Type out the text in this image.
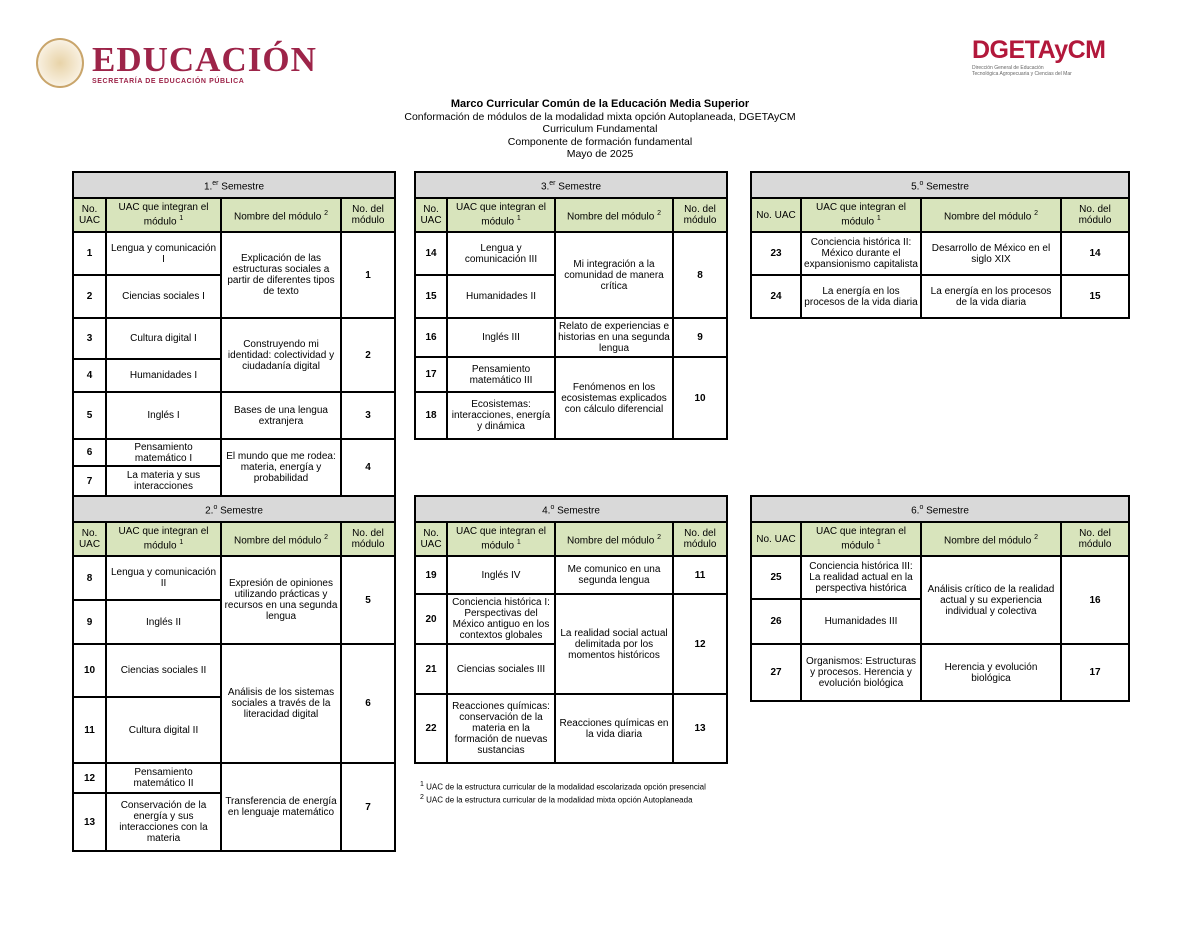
EDUCACIÓN
SECRETARÍA DE EDUCACIÓN PÚBLICA
DGETAyCM
Dirección General de Educación
Tecnológica Agropecuaria y Ciencias del Mar
Marco Curricular Común de la Educación Media Superior
Conformación de módulos de la modalidad mixta opción Autoplaneada, DGETAyCM
Curriculum Fundamental
Componente de formación fundamental
Mayo de 2025
1.$^{er}$ Semestre			
No. UAC	UAC que integran el módulo $^1$	Nombre del módulo $^2$	No. del módulo
1	Lengua y comunicación I	Explicación de las estructuras sociales a partir de diferentes tipos de texto	1
2	Ciencias sociales I		
3	Cultura digital I	Construyendo mi identidad: colectividad y ciudadanía digital	2
4	Humanidades I		
5	Inglés I	Bases de una lengua extranjera	3
6	Pensamiento matemático I	El mundo que me rodea: materia, energía y probabilidad	4
7	La materia y sus interacciones		
2.$^o$ Semestre			
No. UAC	UAC que integran el módulo $^1$	Nombre del módulo $^2$	No. del módulo
8	Lengua y comunicación II	Expresión de opiniones utilizando prácticas y recursos en una segunda lengua	5
9	Inglés II		
10	Ciencias sociales II	Análisis de los sistemas sociales a través de la literacidad digital	6
11	Cultura digital II		
12	Pensamiento matemático II	Transferencia de energía en lenguaje matemático	7
13	Conservación de la energía y sus interacciones con la materia		
3.$^{er}$ Semestre			
No. UAC	UAC que integran el módulo $^1$	Nombre del módulo $^2$	No. del módulo
14	Lengua y comunicación III	Mi integración a la comunidad de manera crítica	8
15	Humanidades II		
16	Inglés III	Relato de experiencias e historias en una segunda lengua	9
17	Pensamiento matemático III	Fenómenos en los ecosistemas explicados con cálculo diferencial	10
18	Ecosistemas: interacciones, energía y dinámica		
4.$^o$ Semestre			
No. UAC	UAC que integran el módulo $^1$	Nombre del módulo $^2$	No. del módulo
19	Inglés IV	Me comunico en una segunda lengua	11
20	Conciencia histórica I: Perspectivas del México antiguo en los contextos globales	La realidad social actual delimitada por los momentos históricos	12
21	Ciencias sociales III		
22	Reacciones químicas: conservación de la materia en la formación de nuevas sustancias	Reacciones químicas en la vida diaria	13
5.$^o$ Semestre			
No. UAC	UAC que integran el módulo $^1$	Nombre del módulo $^2$	No. del módulo
23	Conciencia histórica II: México durante el expansionismo capitalista	Desarrollo de México en el siglo XIX	14
24	La energía en los procesos de la vida diaria	La energía en los procesos de la vida diaria	15
6.$^o$ Semestre			
No. UAC	UAC que integran el módulo $^1$	Nombre del módulo $^2$	No. del módulo
25	Conciencia histórica III: La realidad actual en la perspectiva histórica	Análisis crítico de la realidad actual y su experiencia individual y colectiva	16
26	Humanidades III		
27	Organismos: Estructuras y procesos. Herencia y evolución biológica	Herencia y evolución biológica	17
$^1$ UAC de la estructura curricular de la modalidad escolarizada opción presencial
$^2$ UAC de la estructura curricular de la modalidad mixta opción Autoplaneada
